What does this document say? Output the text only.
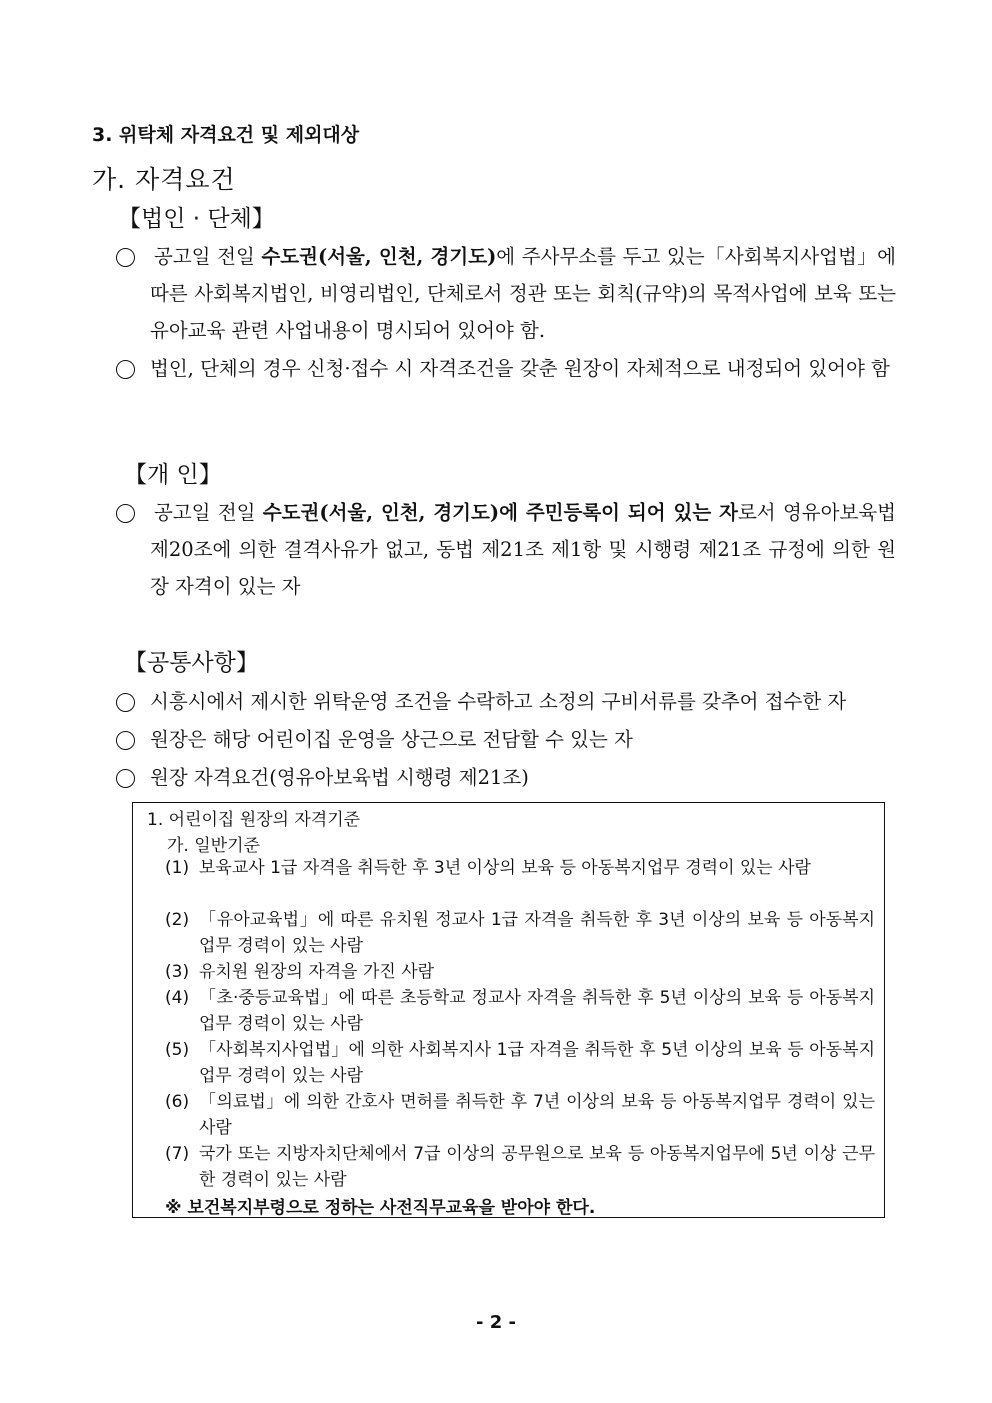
3. 위탁체 자격요건 및 제외대상
가. 자격요건
【법인 · 단체】
공고일 전일 수도권(서울, 인천, 경기도)에 주사무소를 두고 있는「사회복지사업법」에 따른 사회복지법인, 비영리법인, 단체로서 정관 또는 회칙(규약)의 목적사업에 보육 또는 유아교육 관련 사업내용이 명시되어 있어야 함.
법인, 단체의 경우 신청·접수 시 자격조건을 갖춘 원장이 자체적으로 내정되어 있어야 함
【개 인】
공고일 전일 수도권(서울, 인천, 경기도)에 주민등록이 되어 있는 자로서 영유아보육법 제20조에 의한 결격사유가 없고, 동법 제21조 제1항 및 시행령 제21조 규정에 의한 원장 자격이 있는 자
【공통사항】
시흥시에서 제시한 위탁운영 조건을 수락하고 소정의 구비서류를 갖추어 접수한 자
원장은 해당 어린이집 운영을 상근으로 전담할 수 있는 자
원장 자격요건(영유아보육법 시행령 제21조)
1. 어린이집 원장의 자격기준
가. 일반기준
(1) 보육교사 1급 자격을 취득한 후 3년 이상의 보육 등 아동복지업무 경력이 있는 사람
(2) 「유아교육법」에 따른 유치원 정교사 1급 자격을 취득한 후 3년 이상의 보육 등 아동복지업무 경력이 있는 사람
(3) 유치원 원장의 자격을 가진 사람
(4) 「초·중등교육법」에 따른 초등학교 정교사 자격을 취득한 후 5년 이상의 보육 등 아동복지업무 경력이 있는 사람
(5) 「사회복지사업법」에 의한 사회복지사 1급 자격을 취득한 후 5년 이상의 보육 등 아동복지업무 경력이 있는 사람
(6) 「의료법」에 의한 간호사 면허를 취득한 후 7년 이상의 보육 등 아동복지업무 경력이 있는 사람
(7) 국가 또는 지방자치단체에서 7급 이상의 공무원으로 보육 등 아동복지업무에 5년 이상 근무한 경력이 있는 사람
※ 보건복지부령으로 정하는 사전직무교육을 받아야 한다.
- 2 -
